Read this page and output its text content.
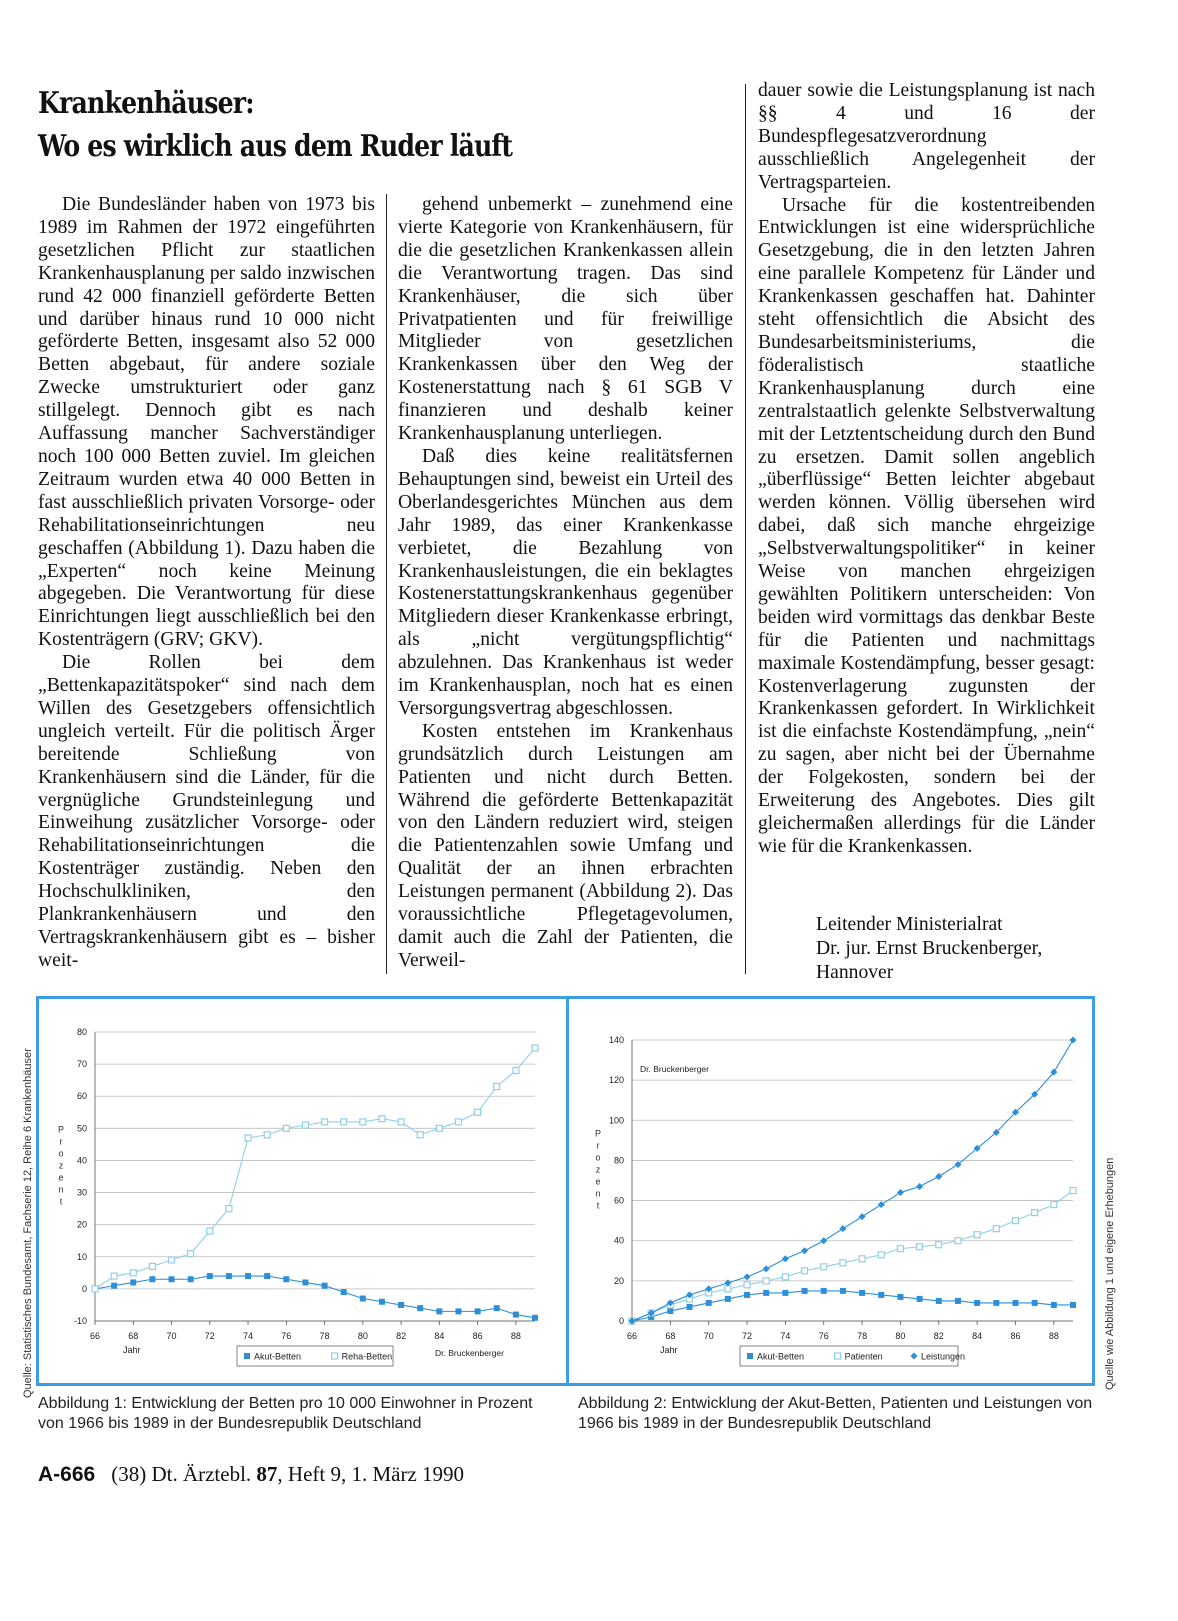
Krankenhäuser:
Wo es wirklich aus dem Ruder läuft

Die Bundesländer haben von 1973 bis 1989 im Rahmen der 1972 eingeführten gesetzlichen Pflicht zur staatlichen Krankenhausplanung per saldo inzwischen rund 42 000 finanziell geförderte Betten und darüber hinaus rund 10 000 nicht geförderte Betten, insgesamt also 52 000 Betten abgebaut, für andere soziale Zwecke umstrukturiert oder ganz stillgelegt. Dennoch gibt es nach Auffassung mancher Sachverständiger noch 100 000 Betten zuviel. Im gleichen Zeitraum wurden etwa 40 000 Betten in fast ausschließlich privaten Vorsorge- oder Rehabilitationseinrichtungen neu geschaffen (Abbildung 1). Dazu haben die „Experten“ noch keine Meinung abgegeben. Die Verantwortung für diese Einrichtungen liegt ausschließlich bei den Kostenträgern (GRV; GKV).

Die Rollen bei dem „Bettenkapazitätspoker“ sind nach dem Willen des Gesetzgebers offensichtlich ungleich verteilt. Für die politisch Ärger bereitende Schließung von Krankenhäusern sind die Länder, für die vergnügliche Grundsteinlegung und Einweihung zusätzlicher Vorsorge- oder Rehabilitationseinrichtungen die Kostenträger zuständig. Neben den Hochschulkliniken, den Plankrankenhäusern und den Vertragskrankenhäusern gibt es – bisher weit-

gehend unbemerkt – zunehmend eine vierte Kategorie von Krankenhäusern, für die die gesetzlichen Krankenkassen allein die Verantwortung tragen. Das sind Krankenhäuser, die sich über Privatpatienten und für freiwillige Mitglieder von gesetzlichen Krankenkassen über den Weg der Kostenerstattung nach § 61 SGB V finanzieren und deshalb keiner Krankenhausplanung unterliegen.

Daß dies keine realitätsfernen Behauptungen sind, beweist ein Urteil des Oberlandesgerichtes München aus dem Jahr 1989, das einer Krankenkasse verbietet, die Bezahlung von Krankenhausleistungen, die ein beklagtes Kostenerstattungskrankenhaus gegenüber Mitgliedern dieser Krankenkasse erbringt, als „nicht vergütungspflichtig“ abzulehnen. Das Krankenhaus ist weder im Krankenhausplan, noch hat es einen Versorgungsvertrag abgeschlossen.

Kosten entstehen im Krankenhaus grundsätzlich durch Leistungen am Patienten und nicht durch Betten. Während die geförderte Bettenkapazität von den Ländern reduziert wird, steigen die Patientenzahlen sowie Umfang und Qualität der an ihnen erbrachten Leistungen permanent (Abbildung 2). Das voraussichtliche Pflegetagevolumen, damit auch die Zahl der Patienten, die Verweil-

dauer sowie die Leistungsplanung ist nach §§ 4 und 16 der Bundespflegesatzverordnung ausschließlich Angelegenheit der Vertragsparteien.

Ursache für die kostentreibenden Entwicklungen ist eine widersprüchliche Gesetzgebung, die in den letzten Jahren eine parallele Kompetenz für Länder und Krankenkassen geschaffen hat. Dahinter steht offensichtlich die Absicht des Bundesarbeitsministeriums, die föderalistisch staatliche Krankenhausplanung durch eine zentralstaatlich gelenkte Selbstverwaltung mit der Letztentscheidung durch den Bund zu ersetzen. Damit sollen angeblich „überflüssige“ Betten leichter abgebaut werden können. Völlig übersehen wird dabei, daß sich manche ehrgeizige „Selbstverwaltungspolitiker“ in keiner Weise von manchen ehrgeizigen gewählten Politikern unterscheiden: Von beiden wird vormittags das denkbar Beste für die Patienten und nachmittags maximale Kostendämpfung, besser gesagt: Kostenverlagerung zugunsten der Krankenkassen gefordert. In Wirklichkeit ist die einfachste Kostendämpfung, „nein“ zu sagen, aber nicht bei der Übernahme der Folgekosten, sondern bei der Erweiterung des Angebotes. Dies gilt gleichermaßen allerdings für die Länder wie für die Krankenkassen.

Leitender Ministerialrat
Dr. jur. Ernst Bruckenberger,
Hannover
-10
0
10
20
30
40
50
60
70
80
66	68	70	72	74	76	78	80	82	84	86	88
P r o z e n t
Jahr	Dr. Bruckenberger
Akut-Betten	Reha-Betten
0
20
40
60
80
100
120
140
66	68	70	72	74	76	78	80	82	84	86	88
P r o z e n t
Jahr
Dr. Bruckenberger
Akut-Betten	Patienten	Leistungen
Quelle: Statistisches Bundesamt, Fachserie 12, Reihe 6 Krankenhäuser	Quelle wie Abbildung 1 und eigene Erhebungen
Abbildung 1: Entwicklung der Betten pro 10 000 Einwohner in Prozent von 1966 bis 1989 in der Bundesrepublik Deutschland
Abbildung 2: Entwicklung der Akut-Betten, Patienten und Leistungen von 1966 bis 1989 in der Bundesrepublik Deutschland
A-666 (38) Dt. Ärztebl. 87, Heft 9, 1. März 1990
